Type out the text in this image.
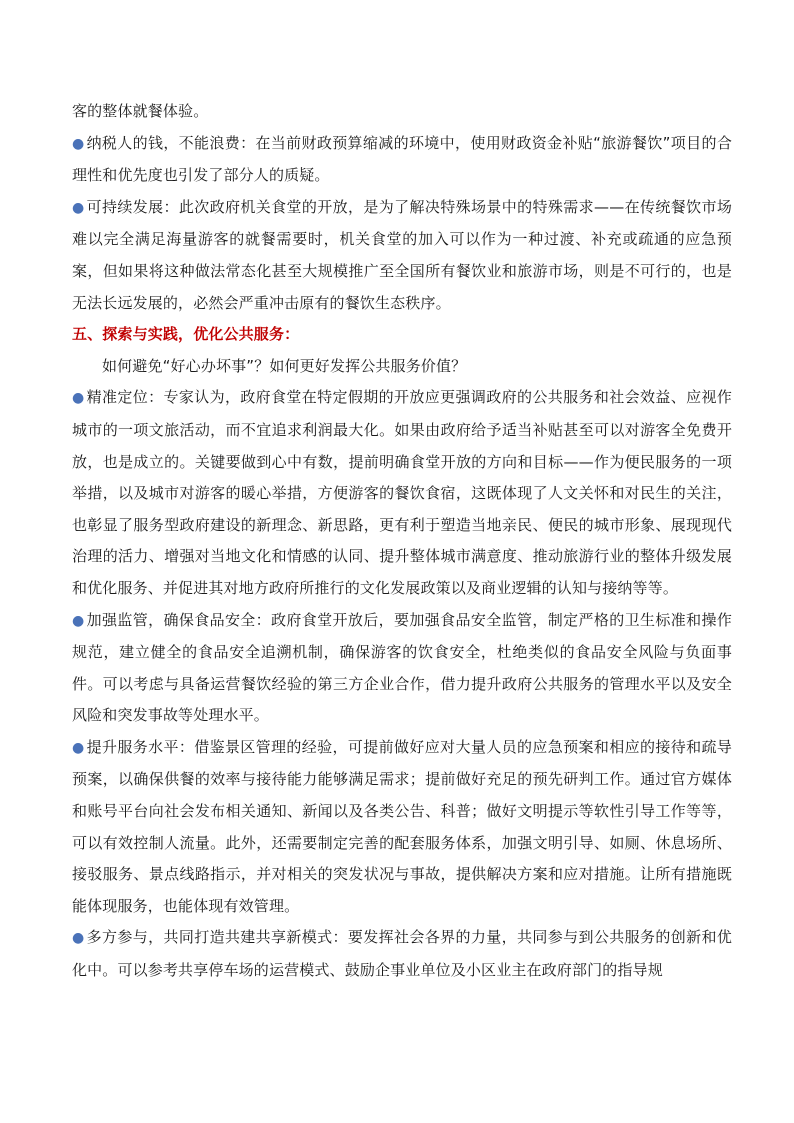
客的整体就餐体验。

● 纳税人的钱，不能浪费：在当前财政预算缩减的环境中，使用财政资金补贴“旅游餐饮”项目的合理性和优先度也引发了部分人的质疑。

● 可持续发展：此次政府机关食堂的开放，是为了解决特殊场景中的特殊需求——在传统餐饮市场难以完全满足海量游客的就餐需要时，机关食堂的加入可以作为一种过渡、补充或疏通的应急预案，但如果将这种做法常态化甚至大规模推广至全国所有餐饮业和旅游市场，则是不可行的，也是无法长远发展的，必然会严重冲击原有的餐饮生态秩序。

五、探索与实践，优化公共服务：

如何避免“好心办坏事”？如何更好发挥公共服务价值？

● 精准定位：专家认为，政府食堂在特定假期的开放应更强调政府的公共服务和社会效益、应视作城市的一项文旅活动，而不宜追求利润最大化。如果由政府给予适当补贴甚至可以对游客全免费开放，也是成立的。关键要做到心中有数，提前明确食堂开放的方向和目标——作为便民服务的一项举措，以及城市对游客的暖心举措，方便游客的餐饮食宿，这既体现了人文关怀和对民生的关注，也彰显了服务型政府建设的新理念、新思路，更有利于塑造当地亲民、便民的城市形象、展现现代治理的活力、增强对当地文化和情感的认同、提升整体城市满意度、推动旅游行业的整体升级发展和优化服务、并促进其对地方政府所推行的文化发展政策以及商业逻辑的认知与接纳等等。

● 加强监管，确保食品安全：政府食堂开放后，要加强食品安全监管，制定严格的卫生标准和操作规范，建立健全的食品安全追溯机制，确保游客的饮食安全，杜绝类似的食品安全风险与负面事件。可以考虑与具备运营餐饮经验的第三方企业合作，借力提升政府公共服务的管理水平以及安全风险和突发事故等处理水平。

● 提升服务水平：借鉴景区管理的经验，可提前做好应对大量人员的应急预案和相应的接待和疏导预案，以确保供餐的效率与接待能力能够满足需求；提前做好充足的预先研判工作。通过官方媒体和账号平台向社会发布相关通知、新闻以及各类公告、科普；做好文明提示等软性引导工作等等，可以有效控制人流量。此外，还需要制定完善的配套服务体系，加强文明引导、如厕、休息场所、接驳服务、景点线路指示，并对相关的突发状况与事故，提供解决方案和应对措施。让所有措施既能体现服务，也能体现有效管理。

● 多方参与，共同打造共建共享新模式：要发挥社会各界的力量，共同参与到公共服务的创新和优化中。可以参考共享停车场的运营模式、鼓励企事业单位及小区业主在政府部门的指导规
